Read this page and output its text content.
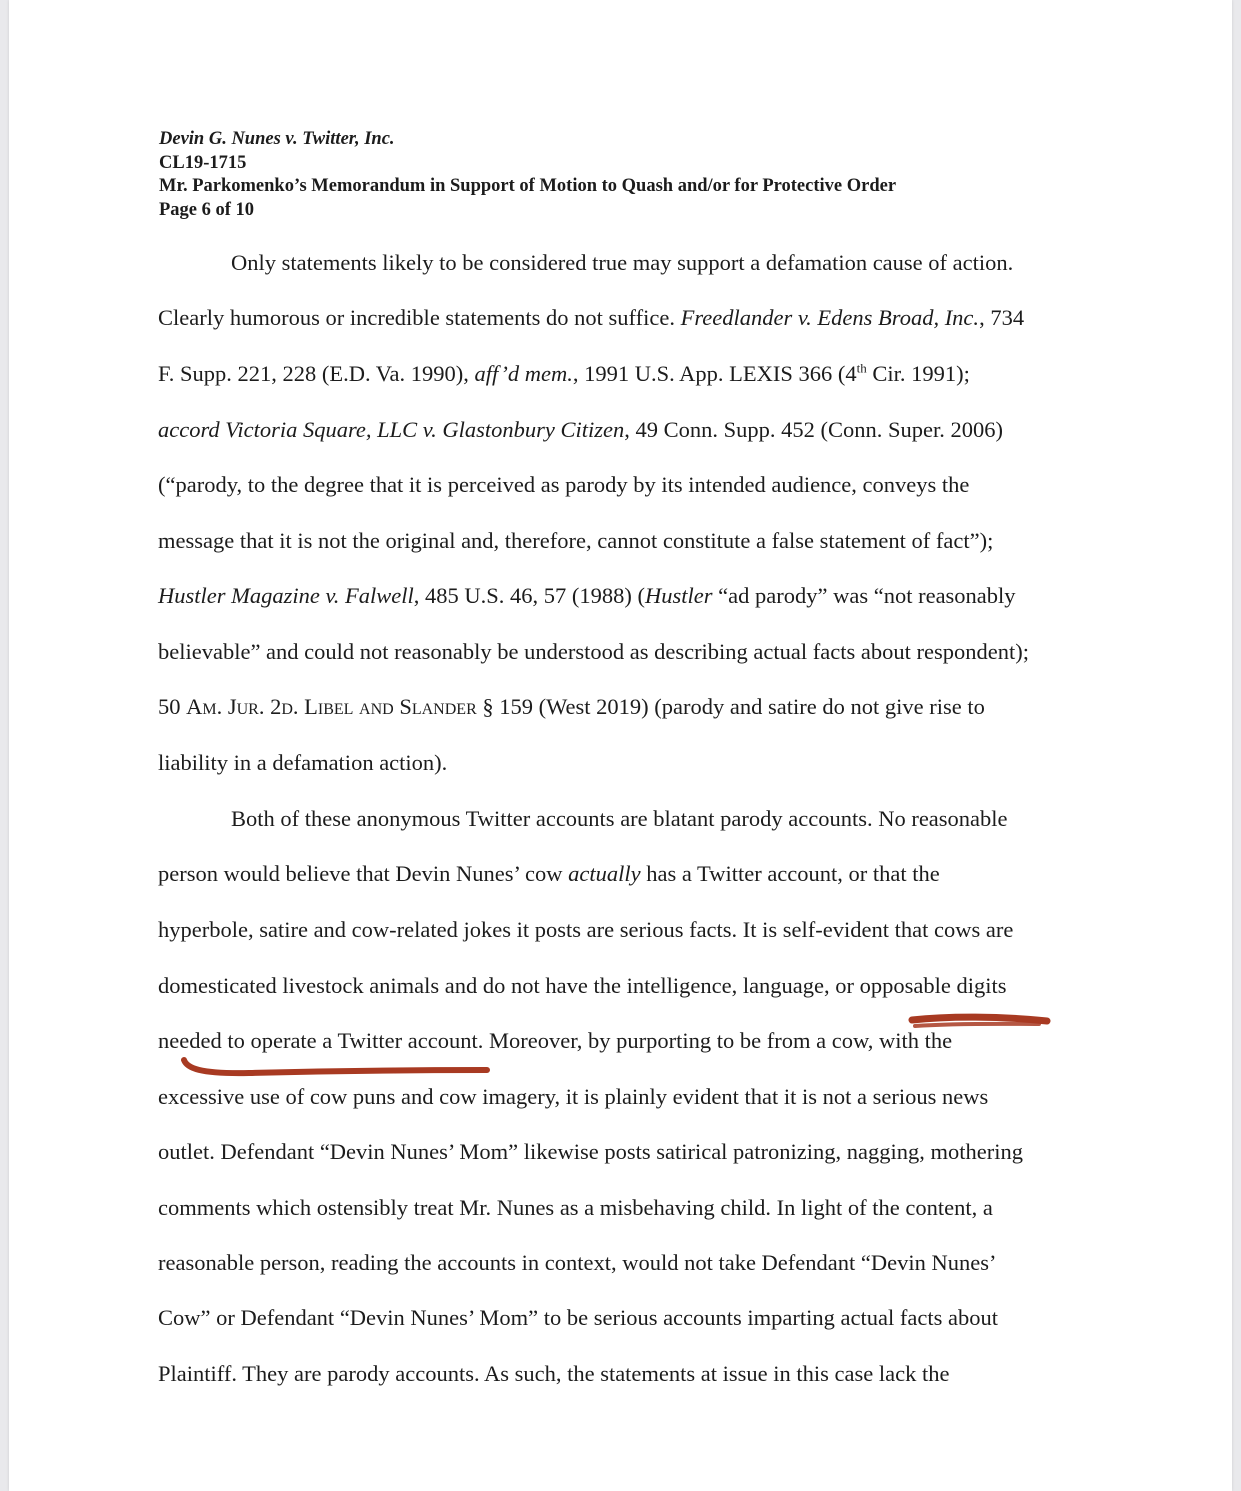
Devin G. Nunes v. Twitter, Inc.
CL19-1715
Mr. Parkomenko’s Memorandum in Support of Motion to Quash and/or for Protective Order
Page 6 of 10
Only statements likely to be considered true may support a defamation cause of action.
Clearly humorous or incredible statements do not suffice. Freedlander v. Edens Broad, Inc., 734
F. Supp. 221, 228 (E.D. Va. 1990), aff’d mem., 1991 U.S. App. LEXIS 366 (4th Cir. 1991);
accord Victoria Square, LLC v. Glastonbury Citizen, 49 Conn. Supp. 452 (Conn. Super. 2006)
(“parody, to the degree that it is perceived as parody by its intended audience, conveys the
message that it is not the original and, therefore, cannot constitute a false statement of fact”);
Hustler Magazine v. Falwell, 485 U.S. 46, 57 (1988) (Hustler “ad parody” was “not reasonably
believable” and could not reasonably be understood as describing actual facts about respondent);
50 Am. Jur. 2d. Libel and Slander § 159 (West 2019) (parody and satire do not give rise to
liability in a defamation action).
Both of these anonymous Twitter accounts are blatant parody accounts. No reasonable
person would believe that Devin Nunes’ cow actually has a Twitter account, or that the
hyperbole, satire and cow-related jokes it posts are serious facts. It is self-evident that cows are
domesticated livestock animals and do not have the intelligence, language, or opposable digits
needed to operate a Twitter account. Moreover, by purporting to be from a cow, with the
excessive use of cow puns and cow imagery, it is plainly evident that it is not a serious news
outlet. Defendant “Devin Nunes’ Mom” likewise posts satirical patronizing, nagging, mothering
comments which ostensibly treat Mr. Nunes as a misbehaving child. In light of the content, a
reasonable person, reading the accounts in context, would not take Defendant “Devin Nunes’
Cow” or Defendant “Devin Nunes’ Mom” to be serious accounts imparting actual facts about
Plaintiff. They are parody accounts. As such, the statements at issue in this case lack the
